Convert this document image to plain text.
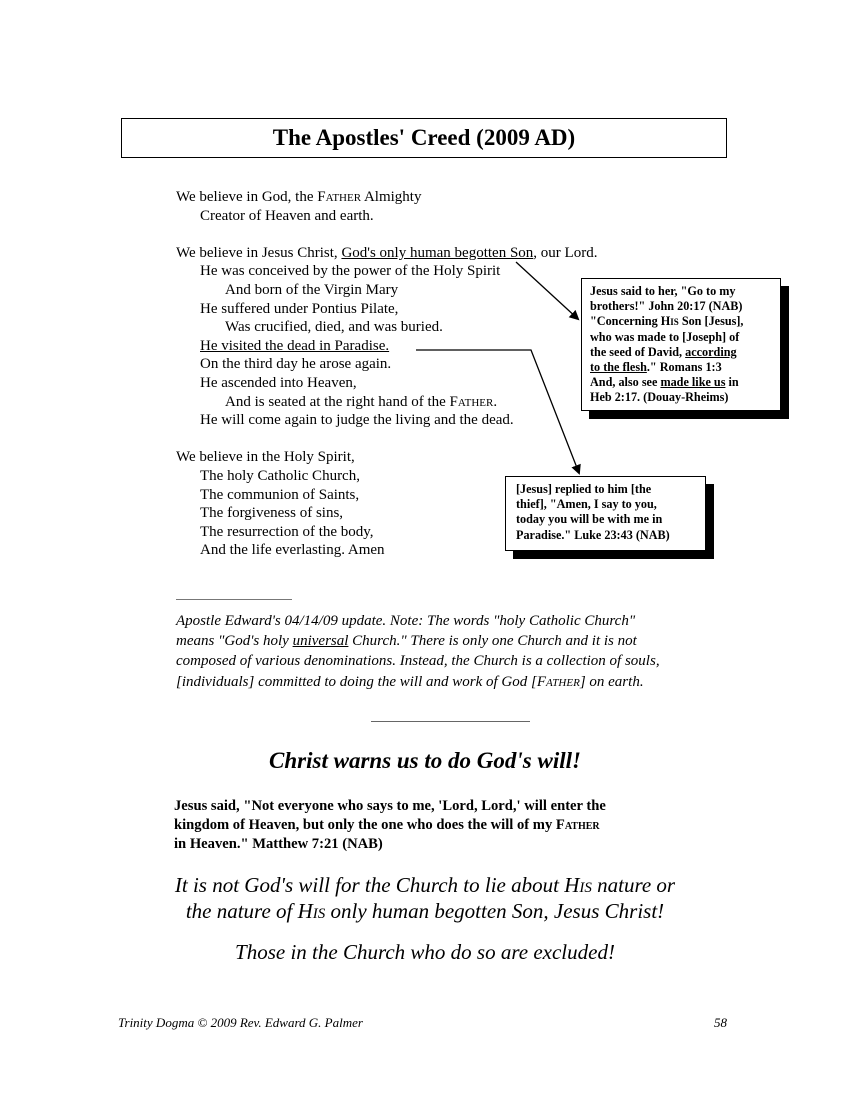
The Apostles' Creed (2009 AD)
We believe in God, the Father Almighty
Creator of Heaven and earth.
We believe in Jesus Christ, God's only human begotten Son, our Lord.
He was conceived by the power of the Holy Spirit
And born of the Virgin Mary
He suffered under Pontius Pilate,
Was crucified, died, and was buried.
He visited the dead in Paradise.
On the third day he arose again.
He ascended into Heaven,
And is seated at the right hand of the Father.
He will come again to judge the living and the dead.
We believe in the Holy Spirit,
The holy Catholic Church,
The communion of Saints,
The forgiveness of sins,
The resurrection of the body,
And the life everlasting. Amen
Jesus said to her, "Go to my
brothers!" John 20:17 (NAB)
"Concerning His Son [Jesus],
who was made to [Joseph] of
the seed of David, according
to the flesh." Romans 1:3
And, also see made like us in
Heb 2:17. (Douay-Rheims)
[Jesus] replied to him [the
thief], "Amen, I say to you,
today you will be with me in
Paradise." Luke 23:43 (NAB)
Apostle Edward's 04/14/09 update. Note: The words "holy Catholic Church"
means "God's holy universal Church." There is only one Church and it is not
composed of various denominations. Instead, the Church is a collection of souls,
[individuals] committed to doing the will and work of God [Father] on earth.
Christ warns us to do God's will!
Jesus said, "Not everyone who says to me, 'Lord, Lord,' will enter the
kingdom of Heaven, but only the one who does the will of my Father
in Heaven." Matthew 7:21 (NAB)
It is not God's will for the Church to lie about His nature or
the nature of His only human begotten Son, Jesus Christ!
Those in the Church who do so are excluded!
Trinity Dogma © 2009 Rev. Edward G. Palmer	58
